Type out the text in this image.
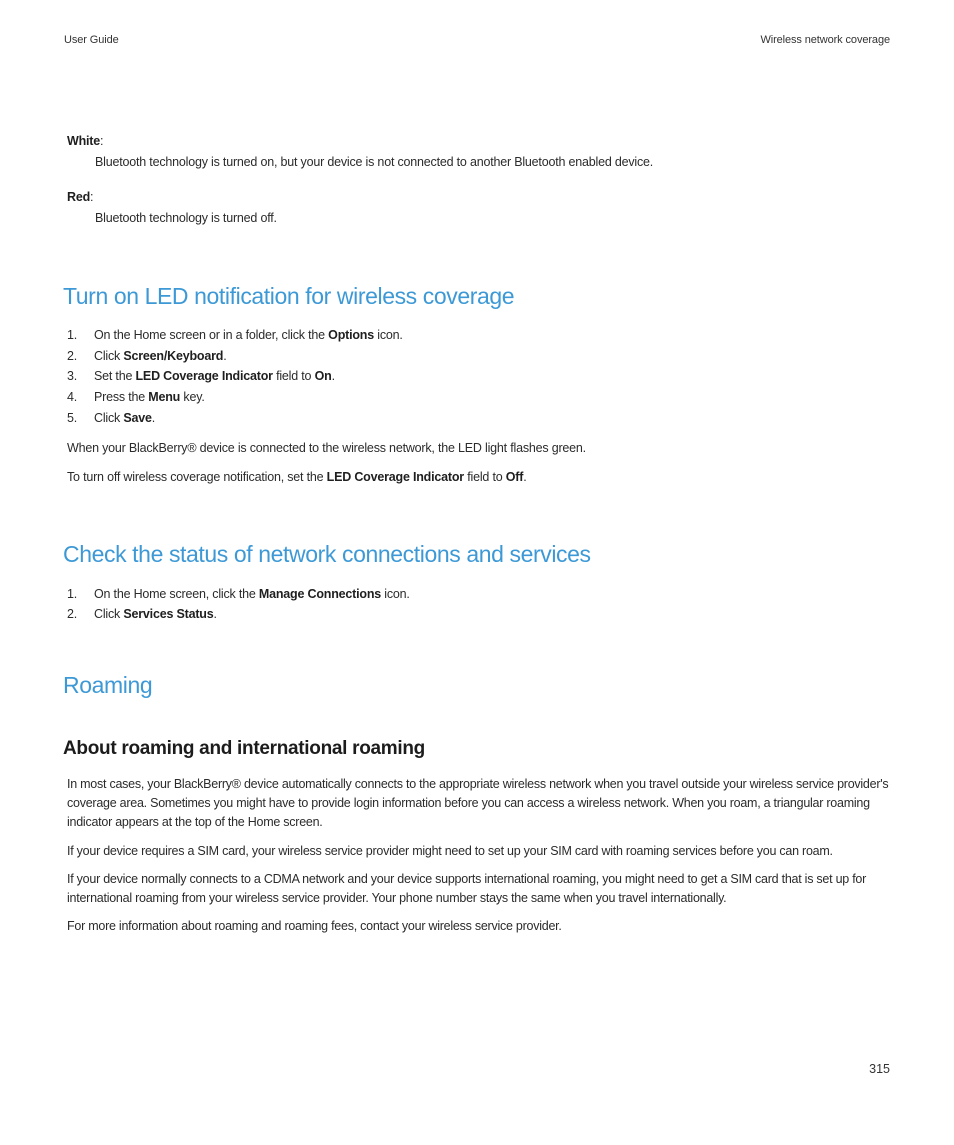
User Guide	Wireless network coverage
White:
Bluetooth technology is turned on, but your device is not connected to another Bluetooth enabled device.
Red:
Bluetooth technology is turned off.
Turn on LED notification for wireless coverage
1. On the Home screen or in a folder, click the Options icon.
2. Click Screen/Keyboard.
3. Set the LED Coverage Indicator field to On.
4. Press the Menu key.
5. Click Save.
When your BlackBerry® device is connected to the wireless network, the LED light flashes green.
To turn off wireless coverage notification, set the LED Coverage Indicator field to Off.
Check the status of network connections and services
1. On the Home screen, click the Manage Connections icon.
2. Click Services Status.
Roaming
About roaming and international roaming
In most cases, your BlackBerry® device automatically connects to the appropriate wireless network when you travel outside your wireless service provider's coverage area. Sometimes you might have to provide login information before you can access a wireless network. When you roam, a triangular roaming indicator appears at the top of the Home screen.
If your device requires a SIM card, your wireless service provider might need to set up your SIM card with roaming services before you can roam.
If your device normally connects to a CDMA network and your device supports international roaming, you might need to get a SIM card that is set up for international roaming from your wireless service provider. Your phone number stays the same when you travel internationally.
For more information about roaming and roaming fees, contact your wireless service provider.
315
